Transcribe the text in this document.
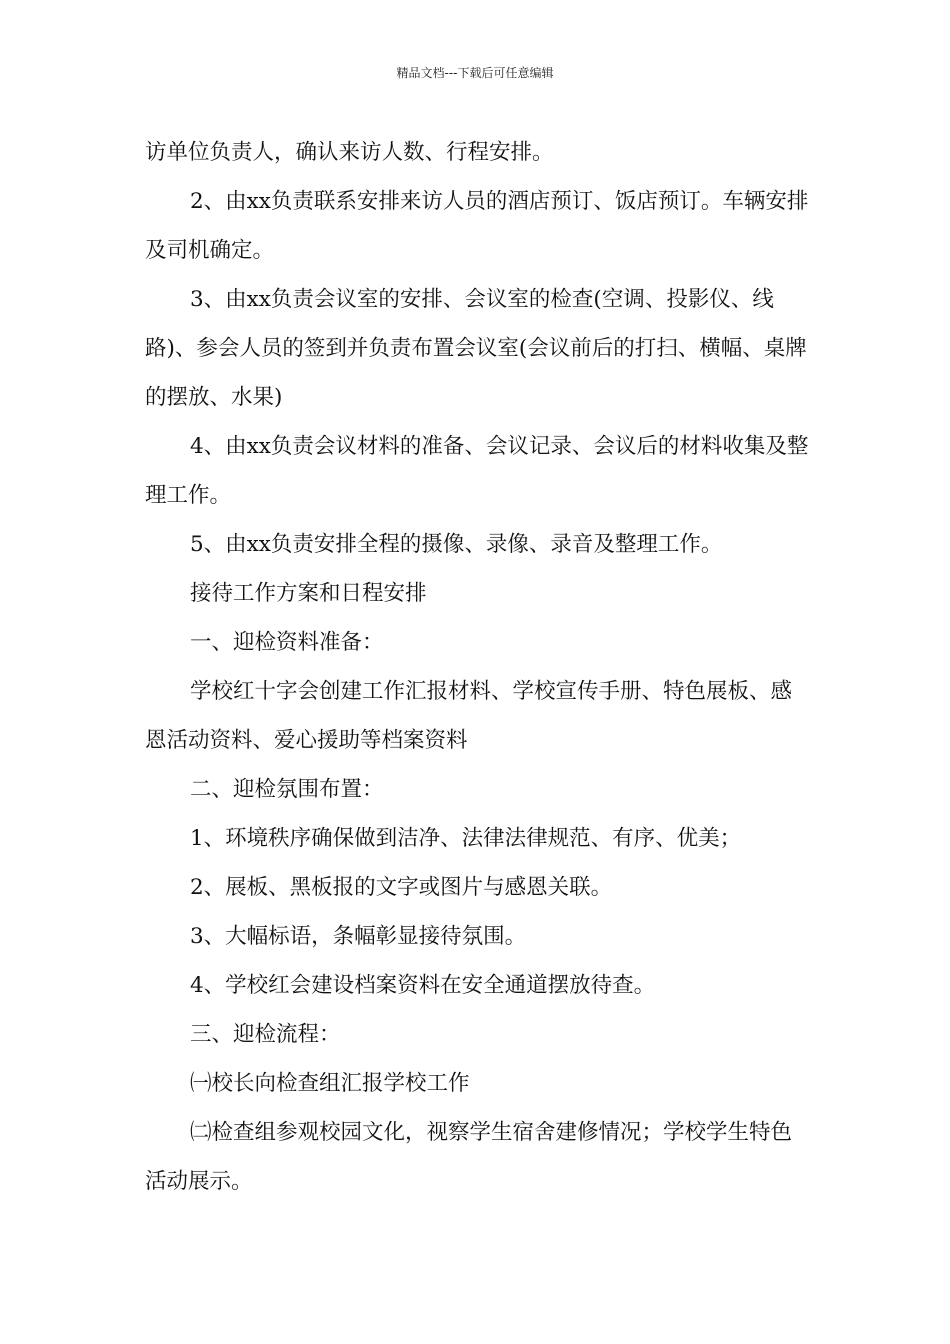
精品文档---下载后可任意编辑

访单位负责人，确认来访人数、行程安排。

2、由xx负责联系安排来访人员的酒店预订、饭店预订。车辆安排及司机确定。

3、由xx负责会议室的安排、会议室的检查(空调、投影仪、线路)、参会人员的签到并负责布置会议室(会议前后的打扫、横幅、桌牌的摆放、水果)

4、由xx负责会议材料的准备、会议记录、会议后的材料收集及整理工作。

5、由xx负责安排全程的摄像、录像、录音及整理工作。

接待工作方案和日程安排

一、迎检资料准备：

学校红十字会创建工作汇报材料、学校宣传手册、特色展板、感恩活动资料、爱心援助等档案资料

二、迎检氛围布置：

1、环境秩序确保做到洁净、法律法律规范、有序、优美；

2、展板、黑板报的文字或图片与感恩关联。

3、大幅标语，条幅彰显接待氛围。

4、学校红会建设档案资料在安全通道摆放待查。

三、迎检流程：

㈠校长向检查组汇报学校工作

㈡检查组参观校园文化，视察学生宿舍建修情况；学校学生特色活动展示。
